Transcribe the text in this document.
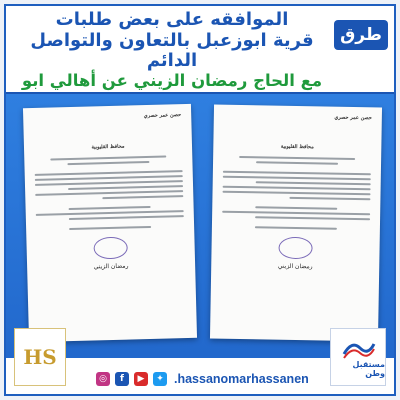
الموافقه على بعض طلبات
قرية ابوزعبل بالتعاون والتواصل الدائم
مع الحاج رمضان الزيني عن أهالي ابو
طرق
حصن عمر حصري
محافظ القليوبية
رمضان الزيني
حصن عمر حصري
محافظ القليوبية
رمضان الزيني
HS
◎	f	▶	✦ .hassanomarhassanen
مستقبل وطن
